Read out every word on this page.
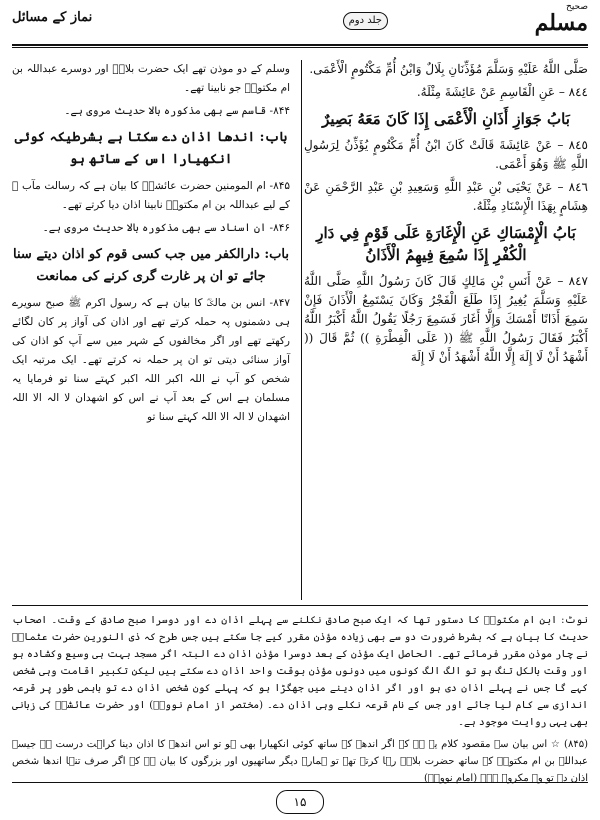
صحيح
مسلم
جلد دوم
نماز کے مسائل

صَلَّى اللَّهُ عَلَيْهِ وَسَلَّمَ مُؤَذِّنَانِ بِلَالٌ وَابْنُ أُمِّ مَكْتُومٍ الْأَعْمَى.

٨٤٤ – عَنِ الْقَاسِمِ عَنْ عَائِشَةَ مِثْلَهُ.

بَابُ جَوَازِ أَذَانِ الْأَعْمَى إِذَا كَانَ مَعَهُ بَصِيرٌ

٨٤٥ – عَنْ عَائِشَةَ قَالَتْ كَانَ ابْنُ أُمِّ مَكْتُومٍ يُؤَذِّنُ لِرَسُولِ اللَّهِ ﷺ وَهُوَ أَعْمَى.

٨٤٦ – عَنْ يَحْيَى بْنِ عَبْدِ اللَّهِ وَسَعِيدِ بْنِ عَبْدِ الرَّحْمَنِ عَنْ هِشَامٍ بِهَذَا الْإِسْنَادِ مِثْلَهُ.

بَابُ الْإِمْسَاكِ عَنِ الْإِغَارَةِ عَلَى قَوْمٍ فِي دَارِ الْكُفْرِ إِذَا سُمِعَ فِيهِمُ الْأَذَانُ

٨٤٧ – عَنْ أَنَسِ بْنِ مَالِكٍ قَالَ كَانَ رَسُولُ اللَّهِ صَلَّى اللَّهُ عَلَيْهِ وَسَلَّمَ يُغِيرُ إِذَا طَلَعَ الْفَجْرُ وَكَانَ يَسْتَمِعُ الْأَذَانَ فَإِنْ سَمِعَ أَذَانًا أَمْسَكَ وَإِلَّا أَغَارَ فَسَمِعَ رَجُلًا يَقُولُ اللَّهُ أَكْبَرُ اللَّهُ أَكْبَرُ فَقَالَ رَسُولُ اللَّهِ ﷺ (( عَلَى الْفِطْرَةِ )) ثُمَّ قَالَ (( أَشْهَدُ أَنْ لَا إِلَهَ إِلَّا اللَّهُ أَشْهَدُ أَنْ لَا إِلَهَ

وسلم کے دو موذن تھے ایک حضرت بلالؓ اور دوسرے عبداللہ بن ام مکتومؓ جو نابینا تھے۔

۸۴۴- قاسم سے بھی مذکورہ بالا حدیث مروی ہے۔

باب: اندھا اذان دے سکتا ہے بشرطیکہ کوئی انکھیارا اس کے ساتھ ہو

۸۴۵- ام المومنین حضرت عائشہؓ کا بیان ہے کہ رسالت مآب ﷺ کے لیے عبداللہ بن ام مکتومؓ نابینا اذان دیا کرتے تھے۔

۸۴۶- ان اسناد سے بھی مذکورہ بالا حدیث مروی ہے۔

باب: دارالکفر میں جب کسی قوم کو اذان دیتے سنا جائے تو ان پر غارت گری کرنے کی ممانعت

۸۴۷- انس بن مالکؓ کا بیان ہے کہ رسول اکرم ﷺ صبح سویرے ہی دشمنوں پہ حملہ کرتے تھے اور اذان کی آواز پر کان لگائے رکھتے تھے اور اگر مخالفوں کے شہر میں سے آپ کو اذان کی آواز سنائی دیتی تو ان پر حملہ نہ کرتے تھے۔ ایک مرتبہ ایک شخص کو آپ نے اللہ اکبر اللہ اکبر کہتے سنا تو فرمایا یہ مسلمان ہے اس کے بعد آپ نے اس کو اشھدان لا الہ الا اللہ اشھدان لا الہ الا اللہ کہتے سنا تو

نوٹ: ابن ام مکتومؓ کا دستور تھا کہ ایک صبح صادق نکلنے سے پہلے اذان دے اور دوسرا صبح صادق کے وقت۔ اصحاب حدیث کا بیان ہے کہ بشرط ضرورت دو سے بھی زیادہ مؤذن مقرر کیے جا سکتے ہیں جس طرح کہ ذی النورین حضرت عثمانؓ نے چار موذن مقرر فرمائے تھے۔ الحاصل ایک مؤذن کے بعد دوسرا مؤذن اذان دے البتہ اگر مسجد بہت ہی وسیع وکشادہ ہو اور وقت بالکل تنگ ہو تو الگ الگ کونوں میں دونوں مؤذن بوقت واحد اذان دے سکتے ہیں لیکن تکبیر اقامت وہی شخص کہے گا جس نے پہلے اذان دی ہو اور اگر اذان دینے میں جھگڑا ہو کہ پہلے کون شخص اذان دے تو باہمی طور پر قرعہ اندازی سے کام لیا جائے اور جس کے نام قرعہ نکلے وہی اذان دے۔ (مختصر از امام نوویؒ) اور حضرت عائشہؓ کی زبانی بھی یہی روایت موجود ہے۔

(۸۴۵) ☆ اس بیان سے مقصود کلام یہ ہے کہ اگر اندھے کے ساتھ کوئی انکھیارا بھی ہو تو اس اندھے کا اذان دینا کراہت درست ہے جیسے عبداللہ بن ام مکتومؓ کے ساتھ حضرت بلالؓ رہا کرتے تھے تو ہمارے دیگر ساتھیوں اور بزرگوں کا بیان ہے کہ اگر صرف تنہا اندھا شخص اذان دے تو وہ مکروہ ہے۔ (امام نوویؒ)

۱۵
